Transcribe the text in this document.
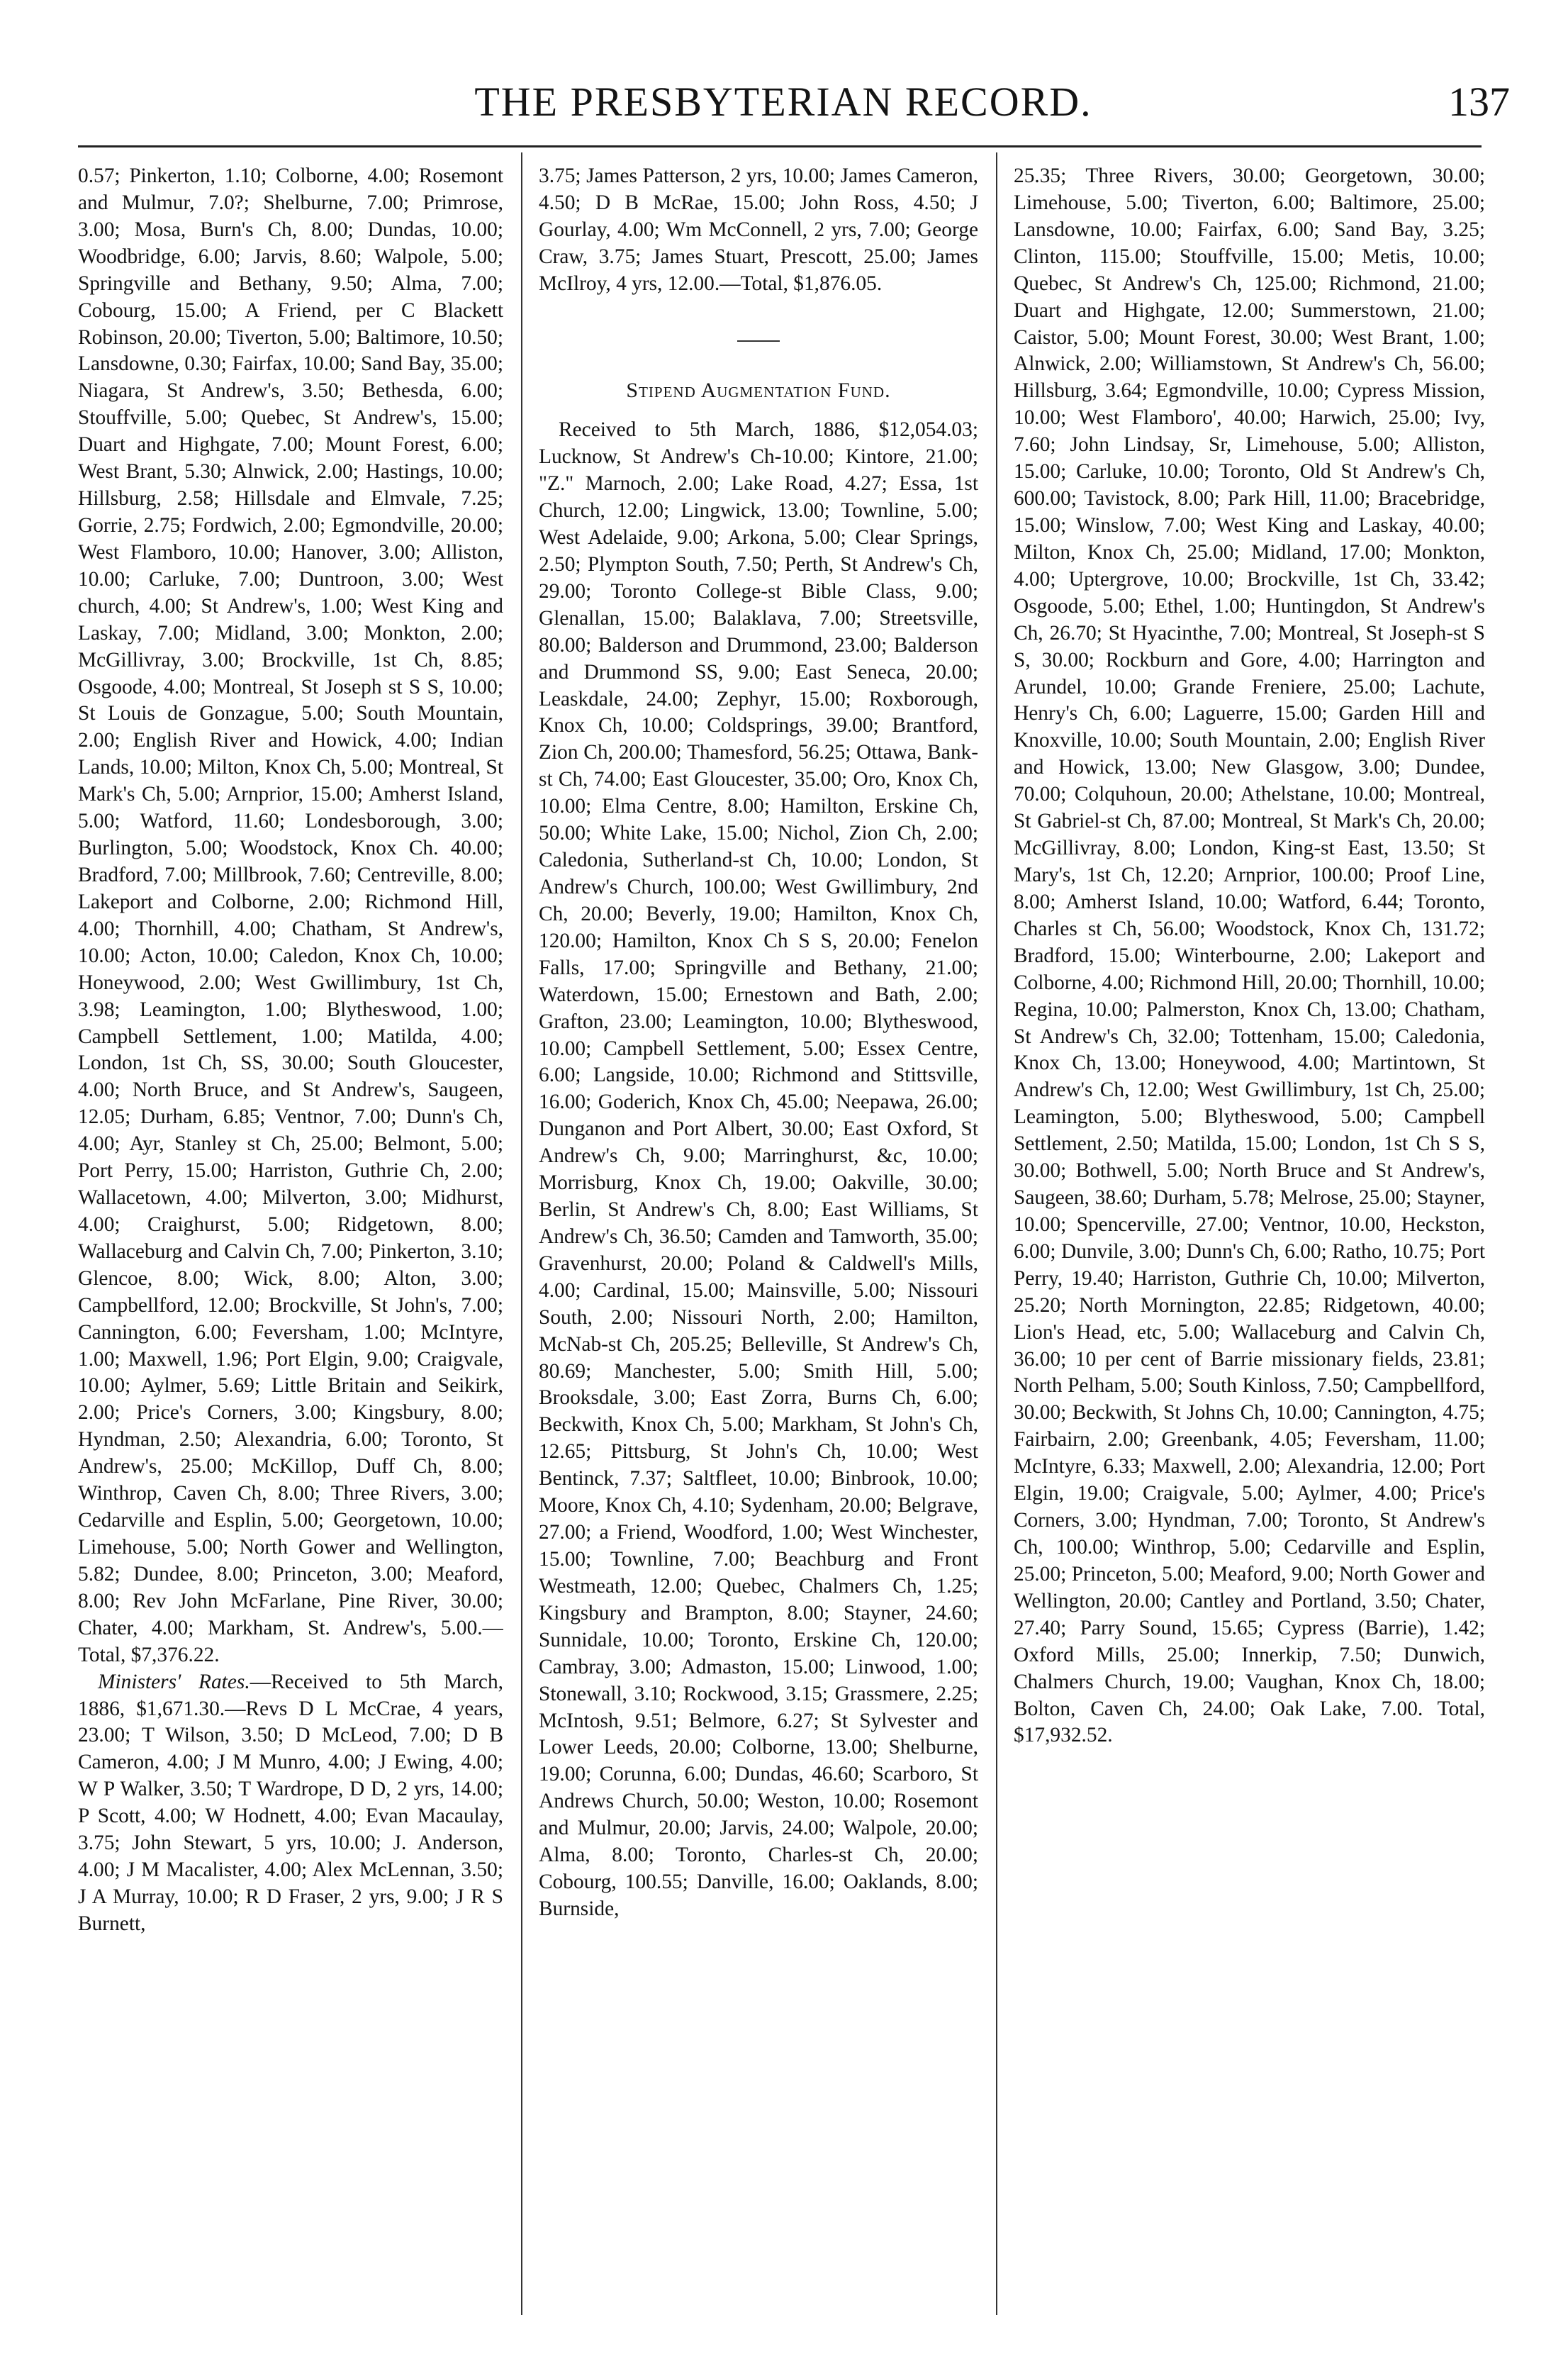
THE PRESBYTERIAN RECORD.	137

0.57; Pinkerton, 1.10; Colborne, 4.00; Rosemont and Mulmur, 7.0?; Shelburne, 7.00; Primrose, 3.00; Mosa, Burn's Ch, 8.00; Dundas, 10.00; Woodbridge, 6.00; Jarvis, 8.60; Walpole, 5.00; Springville and Bethany, 9.50; Alma, 7.00; Cobourg, 15.00; A Friend, per C Blackett Robinson, 20.00; Tiverton, 5.00; Baltimore, 10.50; Lansdowne, 0.30; Fairfax, 10.00; Sand Bay, 35.00; Niagara, St Andrew's, 3.50; Bethesda, 6.00; Stouffville, 5.00; Quebec, St Andrew's, 15.00; Duart and Highgate, 7.00; Mount Forest, 6.00; West Brant, 5.30; Alnwick, 2.00; Hastings, 10.00; Hillsburg, 2.58; Hillsdale and Elmvale, 7.25; Gorrie, 2.75; Fordwich, 2.00; Egmondville, 20.00; West Flamboro, 10.00; Hanover, 3.00; Alliston, 10.00; Carluke, 7.00; Duntroon, 3.00; West church, 4.00; St Andrew's, 1.00; West King and Laskay, 7.00; Midland, 3.00; Monkton, 2.00; McGillivray, 3.00; Brockville, 1st Ch, 8.85; Osgoode, 4.00; Montreal, St Joseph st S S, 10.00; St Louis de Gonzague, 5.00; South Mountain, 2.00; English River and Howick, 4.00; Indian Lands, 10.00; Milton, Knox Ch, 5.00; Montreal, St Mark's Ch, 5.00; Arnprior, 15.00; Amherst Island, 5.00; Watford, 11.60; Londesborough, 3.00; Burlington, 5.00; Woodstock, Knox Ch. 40.00; Bradford, 7.00; Millbrook, 7.60; Centreville, 8.00; Lakeport and Colborne, 2.00; Richmond Hill, 4.00; Thornhill, 4.00; Chatham, St Andrew's, 10.00; Acton, 10.00; Caledon, Knox Ch, 10.00; Honeywood, 2.00; West Gwillimbury, 1st Ch, 3.98; Leamington, 1.00; Blytheswood, 1.00; Campbell Settlement, 1.00; Matilda, 4.00; London, 1st Ch, SS, 30.00; South Gloucester, 4.00; North Bruce, and St Andrew's, Saugeen, 12.05; Durham, 6.85; Ventnor, 7.00; Dunn's Ch, 4.00; Ayr, Stanley st Ch, 25.00; Belmont, 5.00; Port Perry, 15.00; Harriston, Guthrie Ch, 2.00; Wallacetown, 4.00; Milverton, 3.00; Midhurst, 4.00; Craighurst, 5.00; Ridgetown, 8.00; Wallaceburg and Calvin Ch, 7.00; Pinkerton, 3.10; Glencoe, 8.00; Wick, 8.00; Alton, 3.00; Campbellford, 12.00; Brockville, St John's, 7.00; Cannington, 6.00; Feversham, 1.00; McIntyre, 1.00; Maxwell, 1.96; Port Elgin, 9.00; Craigvale, 10.00; Aylmer, 5.69; Little Britain and Seikirk, 2.00; Price's Corners, 3.00; Kingsbury, 8.00; Hyndman, 2.50; Alexandria, 6.00; Toronto, St Andrew's, 25.00; McKillop, Duff Ch, 8.00; Winthrop, Caven Ch, 8.00; Three Rivers, 3.00; Cedarville and Esplin, 5.00; Georgetown, 10.00; Limehouse, 5.00; North Gower and Wellington, 5.82; Dundee, 8.00; Princeton, 3.00; Meaford, 8.00; Rev John McFarlane, Pine River, 30.00; Chater, 4.00; Markham, St. Andrew's, 5.00.—Total, $7,376.22.

Ministers' Rates.—Received to 5th March, 1886, $1,671.30.—Revs D L McCrae, 4 years, 23.00; T Wilson, 3.50; D McLeod, 7.00; D B Cameron, 4.00; J M Munro, 4.00; J Ewing, 4.00; W P Walker, 3.50; T Wardrope, D D, 2 yrs, 14.00; P Scott, 4.00; W Hodnett, 4.00; Evan Macaulay, 3.75; John Stewart, 5 yrs, 10.00; J. Anderson, 4.00; J M Macalister, 4.00; Alex McLennan, 3.50; J A Murray, 10.00; R D Fraser, 2 yrs, 9.00; J R S Burnett,

3.75; James Patterson, 2 yrs, 10.00; James Cameron, 4.50; D B McRae, 15.00; John Ross, 4.50; J Gourlay, 4.00; Wm McConnell, 2 yrs, 7.00; George Craw, 3.75; James Stuart, Prescott, 25.00; James McIlroy, 4 yrs, 12.00.—Total, $1,876.05.

Stipend Augmentation Fund.

Received to 5th March, 1886, $12,054.03; Lucknow, St Andrew's Ch-10.00; Kintore, 21.00; "Z." Marnoch, 2.00; Lake Road, 4.27; Essa, 1st Church, 12.00; Lingwick, 13.00; Townline, 5.00; West Adelaide, 9.00; Arkona, 5.00; Clear Springs, 2.50; Plympton South, 7.50; Perth, St Andrew's Ch, 29.00; Toronto College-st Bible Class, 9.00; Glenallan, 15.00; Balaklava, 7.00; Streetsville, 80.00; Balderson and Drummond, 23.00; Balderson and Drummond SS, 9.00; East Seneca, 20.00; Leaskdale, 24.00; Zephyr, 15.00; Roxborough, Knox Ch, 10.00; Coldsprings, 39.00; Brantford, Zion Ch, 200.00; Thamesford, 56.25; Ottawa, Bank-st Ch, 74.00; East Gloucester, 35.00; Oro, Knox Ch, 10.00; Elma Centre, 8.00; Hamilton, Erskine Ch, 50.00; White Lake, 15.00; Nichol, Zion Ch, 2.00; Caledonia, Sutherland-st Ch, 10.00; London, St Andrew's Church, 100.00; West Gwillimbury, 2nd Ch, 20.00; Beverly, 19.00; Hamilton, Knox Ch, 120.00; Hamilton, Knox Ch S S, 20.00; Fenelon Falls, 17.00; Springville and Bethany, 21.00; Waterdown, 15.00; Ernestown and Bath, 2.00; Grafton, 23.00; Leamington, 10.00; Blytheswood, 10.00; Campbell Settlement, 5.00; Essex Centre, 6.00; Langside, 10.00; Richmond and Stittsville, 16.00; Goderich, Knox Ch, 45.00; Neepawa, 26.00; Dunganon and Port Albert, 30.00; East Oxford, St Andrew's Ch, 9.00; Marringhurst, &c, 10.00; Morrisburg, Knox Ch, 19.00; Oakville, 30.00; Berlin, St Andrew's Ch, 8.00; East Williams, St Andrew's Ch, 36.50; Camden and Tamworth, 35.00; Gravenhurst, 20.00; Poland & Caldwell's Mills, 4.00; Cardinal, 15.00; Mainsville, 5.00; Nissouri South, 2.00; Nissouri North, 2.00; Hamilton, McNab-st Ch, 205.25; Belleville, St Andrew's Ch, 80.69; Manchester, 5.00; Smith Hill, 5.00; Brooksdale, 3.00; East Zorra, Burns Ch, 6.00; Beckwith, Knox Ch, 5.00; Markham, St John's Ch, 12.65; Pittsburg, St John's Ch, 10.00; West Bentinck, 7.37; Saltfleet, 10.00; Binbrook, 10.00; Moore, Knox Ch, 4.10; Sydenham, 20.00; Belgrave, 27.00; a Friend, Woodford, 1.00; West Winchester, 15.00; Townline, 7.00; Beachburg and Front Westmeath, 12.00; Quebec, Chalmers Ch, 1.25; Kingsbury and Brampton, 8.00; Stayner, 24.60; Sunnidale, 10.00; Toronto, Erskine Ch, 120.00; Cambray, 3.00; Admaston, 15.00; Linwood, 1.00; Stonewall, 3.10; Rockwood, 3.15; Grassmere, 2.25; McIntosh, 9.51; Belmore, 6.27; St Sylvester and Lower Leeds, 20.00; Colborne, 13.00; Shelburne, 19.00; Corunna, 6.00; Dundas, 46.60; Scarboro, St Andrews Church, 50.00; Weston, 10.00; Rosemont and Mulmur, 20.00; Jarvis, 24.00; Walpole, 20.00; Alma, 8.00; Toronto, Charles-st Ch, 20.00; Cobourg, 100.55; Danville, 16.00; Oaklands, 8.00; Burnside,

25.35; Three Rivers, 30.00; Georgetown, 30.00; Limehouse, 5.00; Tiverton, 6.00; Baltimore, 25.00; Lansdowne, 10.00; Fairfax, 6.00; Sand Bay, 3.25; Clinton, 115.00; Stouffville, 15.00; Metis, 10.00; Quebec, St Andrew's Ch, 125.00; Richmond, 21.00; Duart and Highgate, 12.00; Summerstown, 21.00; Caistor, 5.00; Mount Forest, 30.00; West Brant, 1.00; Alnwick, 2.00; Williamstown, St Andrew's Ch, 56.00; Hillsburg, 3.64; Egmondville, 10.00; Cypress Mission, 10.00; West Flamboro', 40.00; Harwich, 25.00; Ivy, 7.60; John Lindsay, Sr, Limehouse, 5.00; Alliston, 15.00; Carluke, 10.00; Toronto, Old St Andrew's Ch, 600.00; Tavistock, 8.00; Park Hill, 11.00; Bracebridge, 15.00; Winslow, 7.00; West King and Laskay, 40.00; Milton, Knox Ch, 25.00; Midland, 17.00; Monkton, 4.00; Uptergrove, 10.00; Brockville, 1st Ch, 33.42; Osgoode, 5.00; Ethel, 1.00; Huntingdon, St Andrew's Ch, 26.70; St Hyacinthe, 7.00; Montreal, St Joseph-st S S, 30.00; Rockburn and Gore, 4.00; Harrington and Arundel, 10.00; Grande Freniere, 25.00; Lachute, Henry's Ch, 6.00; Laguerre, 15.00; Garden Hill and Knoxville, 10.00; South Mountain, 2.00; English River and Howick, 13.00; New Glasgow, 3.00; Dundee, 70.00; Colquhoun, 20.00; Athelstane, 10.00; Montreal, St Gabriel-st Ch, 87.00; Montreal, St Mark's Ch, 20.00; McGillivray, 8.00; London, King-st East, 13.50; St Mary's, 1st Ch, 12.20; Arnprior, 100.00; Proof Line, 8.00; Amherst Island, 10.00; Watford, 6.44; Toronto, Charles st Ch, 56.00; Woodstock, Knox Ch, 131.72; Bradford, 15.00; Winterbourne, 2.00; Lakeport and Colborne, 4.00; Richmond Hill, 20.00; Thornhill, 10.00; Regina, 10.00; Palmerston, Knox Ch, 13.00; Chatham, St Andrew's Ch, 32.00; Tottenham, 15.00; Caledonia, Knox Ch, 13.00; Honeywood, 4.00; Martintown, St Andrew's Ch, 12.00; West Gwillimbury, 1st Ch, 25.00; Leamington, 5.00; Blytheswood, 5.00; Campbell Settlement, 2.50; Matilda, 15.00; London, 1st Ch S S, 30.00; Bothwell, 5.00; North Bruce and St Andrew's, Saugeen, 38.60; Durham, 5.78; Melrose, 25.00; Stayner, 10.00; Spencerville, 27.00; Ventnor, 10.00, Heckston, 6.00; Dunvile, 3.00; Dunn's Ch, 6.00; Ratho, 10.75; Port Perry, 19.40; Harriston, Guthrie Ch, 10.00; Milverton, 25.20; North Mornington, 22.85; Ridgetown, 40.00; Lion's Head, etc, 5.00; Wallaceburg and Calvin Ch, 36.00; 10 per cent of Barrie missionary fields, 23.81; North Pelham, 5.00; South Kinloss, 7.50; Campbellford, 30.00; Beckwith, St Johns Ch, 10.00; Cannington, 4.75; Fairbairn, 2.00; Greenbank, 4.05; Feversham, 11.00; McIntyre, 6.33; Maxwell, 2.00; Alexandria, 12.00; Port Elgin, 19.00; Craigvale, 5.00; Aylmer, 4.00; Price's Corners, 3.00; Hyndman, 7.00; Toronto, St Andrew's Ch, 100.00; Winthrop, 5.00; Cedarville and Esplin, 25.00; Princeton, 5.00; Meaford, 9.00; North Gower and Wellington, 20.00; Cantley and Portland, 3.50; Chater, 27.40; Parry Sound, 15.65; Cypress (Barrie), 1.42; Oxford Mills, 25.00; Innerkip, 7.50; Dunwich, Chalmers Church, 19.00; Vaughan, Knox Ch, 18.00; Bolton, Caven Ch, 24.00; Oak Lake, 7.00. Total, $17,932.52.
